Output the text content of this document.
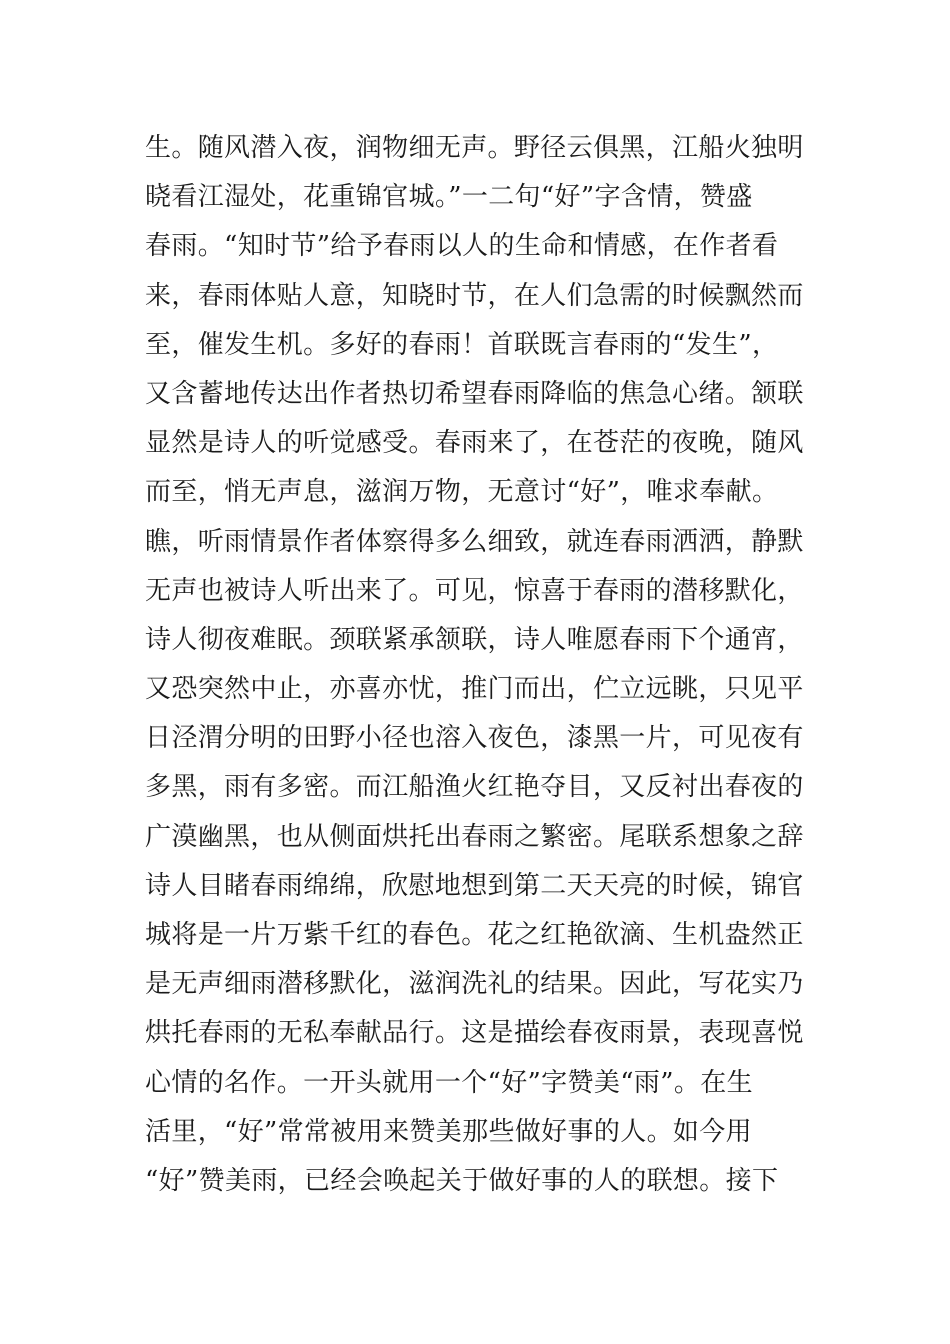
生。随风潜入夜，润物细无声。野径云俱黑，江船火独明
晓看江湿处，花重锦官城。”一二句“好”字含情，赞盛
春雨。“知时节”给予春雨以人的生命和情感，在作者看
来，春雨体贴人意，知晓时节，在人们急需的时候飘然而
至，催发生机。多好的春雨！首联既言春雨的“发生”，
又含蓄地传达出作者热切希望春雨降临的焦急心绪。颔联
显然是诗人的听觉感受。春雨来了，在苍茫的夜晚，随风
而至，悄无声息，滋润万物，无意讨“好”，唯求奉献。
瞧，听雨情景作者体察得多么细致，就连春雨洒洒，静默
无声也被诗人听出来了。可见，惊喜于春雨的潜移默化，
诗人彻夜难眠。颈联紧承颔联，诗人唯愿春雨下个通宵，
又恐突然中止，亦喜亦忧，推门而出，伫立远眺，只见平
日泾渭分明的田野小径也溶入夜色，漆黑一片，可见夜有
多黑，雨有多密。而江船渔火红艳夺目，又反衬出春夜的
广漠幽黑，也从侧面烘托出春雨之繁密。尾联系想象之辞
诗人目睹春雨绵绵，欣慰地想到第二天天亮的时候，锦官
城将是一片万紫千红的春色。花之红艳欲滴、生机盎然正
是无声细雨潜移默化，滋润洗礼的结果。因此，写花实乃
烘托春雨的无私奉献品行。这是描绘春夜雨景，表现喜悦
心情的名作。一开头就用一个“好”字赞美“雨”。在生
活里，“好”常常被用来赞美那些做好事的人。如今用
“好”赞美雨，已经会唤起关于做好事的人的联想。接下
